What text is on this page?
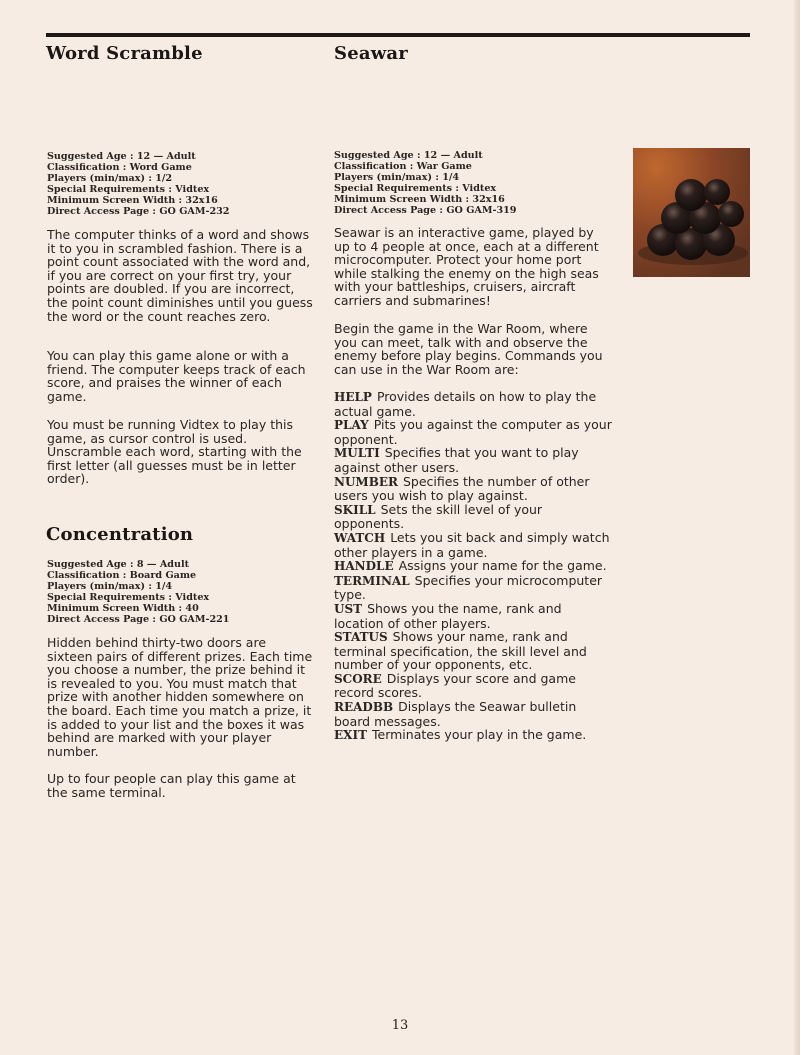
Word Scramble
Suggested Age : 12 — Adult
Classification : Word Game
Players (min/max) : 1/2
Special Requirements : Vidtex
Minimum Screen Width : 32x16
Direct Access Page : GO GAM-232

The computer thinks of a word and shows it to you in scrambled fashion. There is a point count associated with the word and, if you are correct on your first try, your points are doubled. If you are incorrect, the point count diminishes until you guess the word or the count reaches zero.

You can play this game alone or with a friend. The computer keeps track of each score, and praises the winner of each game.

You must be running Vidtex to play this game, as cursor control is used. Unscramble each word, starting with the first letter (all guesses must be in letter order).

Concentration
Suggested Age : 8 — Adult
Classification : Board Game
Players (min/max) : 1/4
Special Requirements : Vidtex
Minimum Screen Width : 40
Direct Access Page : GO GAM-221

Hidden behind thirty-two doors are sixteen pairs of different prizes. Each time you choose a number, the prize behind it is revealed to you. You must match that prize with another hidden somewhere on the board. Each time you match a prize, it is added to your list and the boxes it was behind are marked with your player number.

Up to four people can play this game at the same terminal.

Seawar
Suggested Age : 12 — Adult
Classification : War Game
Players (min/max) : 1/4
Special Requirements : Vidtex
Minimum Screen Width : 32x16
Direct Access Page : GO GAM-319

Seawar is an interactive game, played by up to 4 people at once, each at a different microcomputer. Protect your home port while stalking the enemy on the high seas with your battleships, cruisers, aircraft carriers and submarines!

Begin the game in the War Room, where you can meet, talk with and observe the enemy before play begins. Commands you can use in the War Room are:

HELP Provides details on how to play the actual game.
PLAY Pits you against the computer as your opponent.
MULTI Specifies that you want to play against other users.
NUMBER Specifies the number of other users you wish to play against.
SKILL Sets the skill level of your opponents.
WATCH Lets you sit back and simply watch other players in a game.
HANDLE Assigns your name for the game.
TERMINAL Specifies your microcomputer type.
UST Shows you the name, rank and location of other players.
STATUS Shows your name, rank and terminal specification, the skill level and number of your opponents, etc.
SCORE Displays your score and game record scores.
READBB Displays the Seawar bulletin board messages.
EXIT Terminates your play in the game.

13
